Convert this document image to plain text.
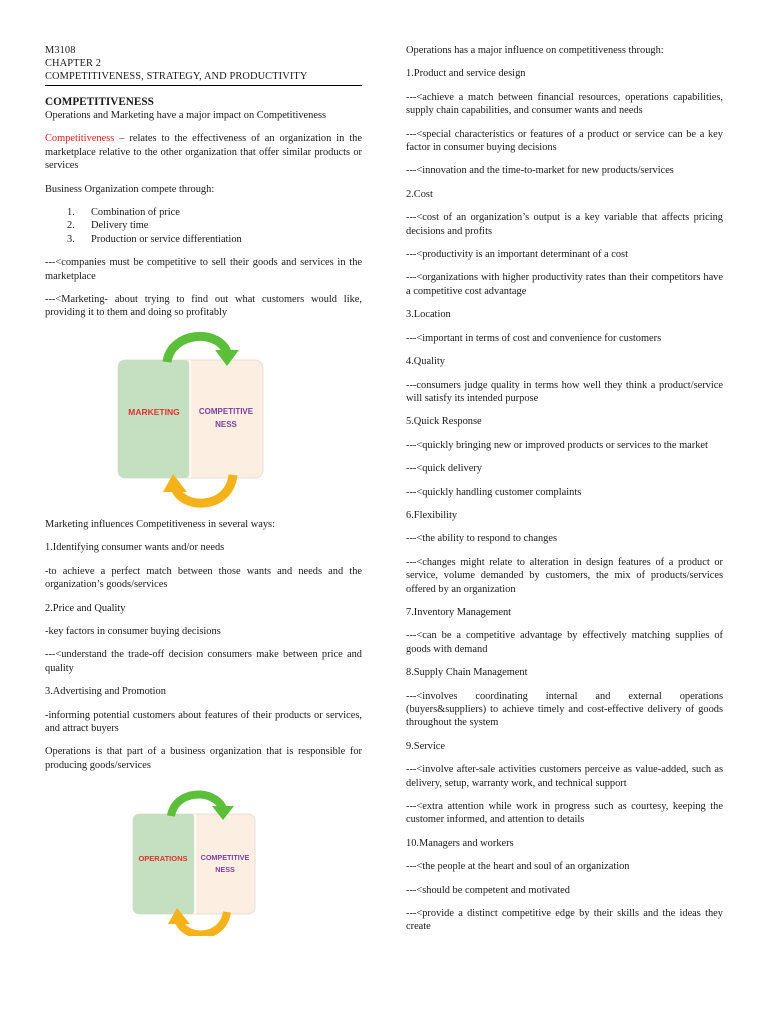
M3108
CHAPTER 2
COMPETITIVENESS, STRATEGY, AND PRODUCTIVITY
COMPETITIVENESS

Operations and Marketing have a major impact on Competitiveness

Competitiveness – relates to the effectiveness of an organization in the marketplace relative to the other organization that offer similar products or services

Business Organization compete through:

1.	Combination of price
2.	Delivery time
3.	Production or service differentiation

---<companies must be competitive to sell their goods and services in the marketplace

---<Marketing- about trying to find out what customers would like, providing it to them and doing so profitably

MARKETING COMPETITIVE
NESS

Marketing influences Competitiveness in several ways:

1.Identifying consumer wants and/or needs

-to achieve a perfect match between those wants and needs and the organization’s goods/services

2.Price and Quality

-key factors in consumer buying decisions

---<understand the trade-off decision consumers make between price and quality

3.Advertising and Promotion

-informing potential customers about features of their products or services, and attract buyers

Operations is that part of a business organization that is responsible for producing goods/services

OPERATIONS COMPETITIVE
NESS

Operations has a major influence on competitiveness through:

1.Product and service design

---<achieve a match between financial resources, operations capabilities, supply chain capabilities, and consumer wants and needs

---<special characteristics or features of a product or service can be a key factor in consumer buying decisions

---<innovation and the time-to-market for new products/services

2.Cost

---<cost of an organization’s output is a key variable that affects pricing decisions and profits

---<productivity is an important determinant of a cost

---<organizations with higher productivity rates than their competitors have a competitive cost advantage

3.Location

---<important in terms of cost and convenience for customers

4.Quality

---consumers judge quality in terms how well they think a product/service will satisfy its intended purpose

5.Quick Response

---<quickly bringing new or improved products or services to the market

---<quick delivery

---<quickly handling customer complaints

6.Flexibility

---<the ability to respond to changes

---<changes might relate to alteration in design features of a product or service, volume demanded by customers, the mix of products/services offered by an organization

7.Inventory Management

---<can be a competitive advantage by effectively matching supplies of goods with demand

8.Supply Chain Management

---<involves coordinating internal and external operations (buyers&suppliers) to achieve timely and cost-effective delivery of goods throughout the system

9.Service

---<involve after-sale activities customers perceive as value-added, such as delivery, setup, warranty work, and technical support

---<extra attention while work in progress such as courtesy, keeping the customer informed, and attention to details

10.Managers and workers

---<the people at the heart and soul of an organization

---<should be competent and motivated

---<provide a distinct competitive edge by their skills and the ideas they create
